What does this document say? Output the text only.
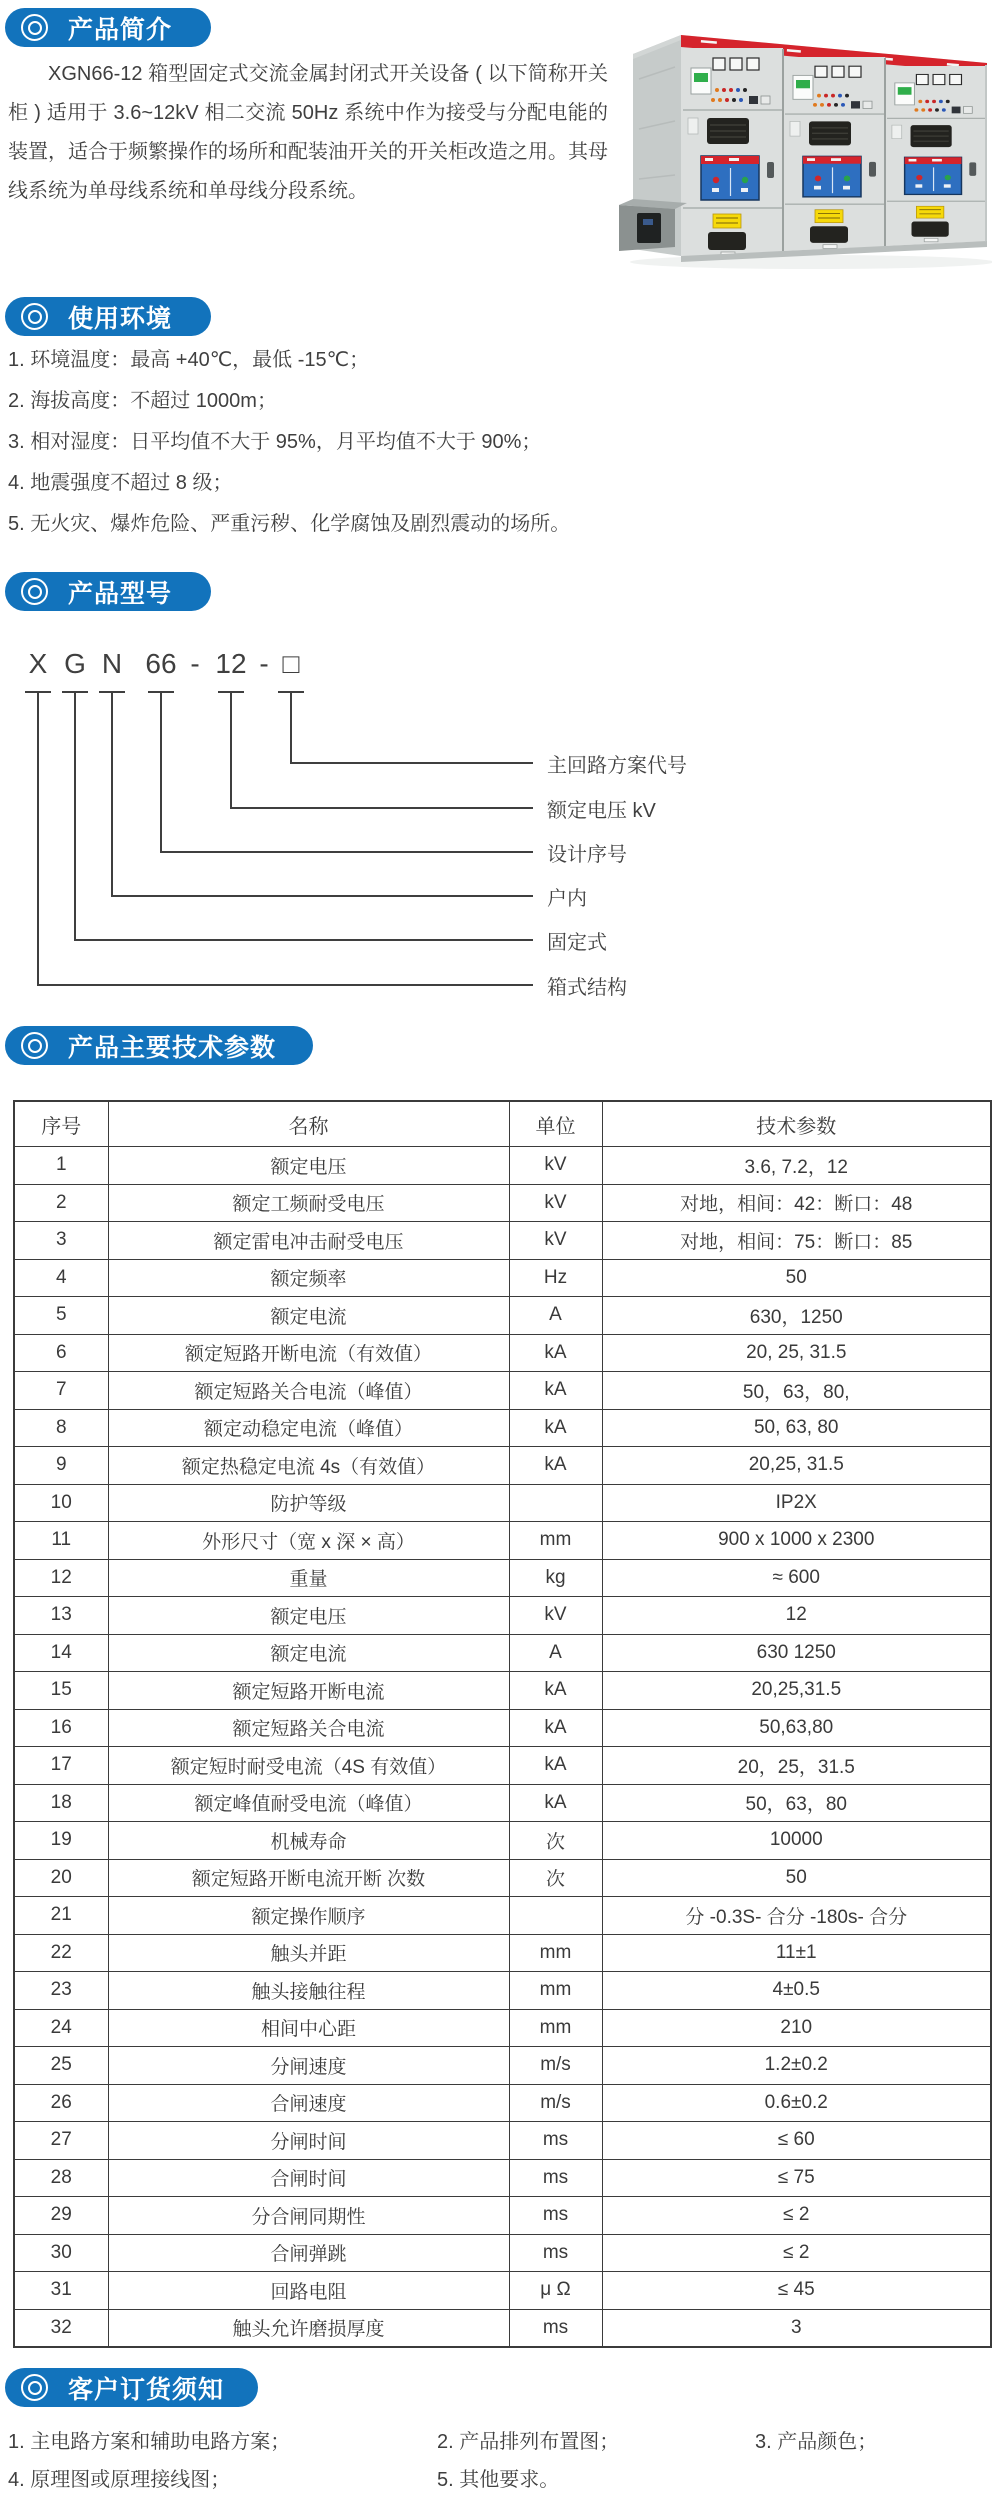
产品简介
XGN66-12 箱型固定式交流金属封闭式开关设备 ( 以下简称开关柜 ) 适用于 3.6~12kV 相二交流 50Hz 系统中作为接受与分配电能的装置，适合于频繁操作的场所和配装油开关的开关柜改造之用。其母线系统为单母线系统和单母线分段系统。
使用环境
1. 环境温度：最高 +40℃，最低 -15℃；
2. 海拔高度：不超过 1000m；
3. 相对湿度：日平均值不大于 95%，月平均值不大于 90%；
4. 地震强度不超过 8 级；
5. 无火灾、爆炸危险、严重污秽、化学腐蚀及剧烈震动的场所。
产品型号
X G N 66 - 12 - □
主回路方案代号
额定电压 kV
设计序号
户内
固定式
箱式结构
产品主要技术参数
序号	名称	单位	技术参数
1	额定电压	kV	3.6, 7.2，12
2	额定工频耐受电压	kV	对地，相间：42：断口：48
3	额定雷电冲击耐受电压	kV	对地，相间：75：断口：85
4	额定频率	Hz	50
5	额定电流	A	630，1250
6	额定短路开断电流（有效值）	kA	20, 25, 31.5
7	额定短路关合电流（峰值）	kA	50，63，80,
8	额定动稳定电流（峰值）	kA	50, 63, 80
9	额定热稳定电流 4s（有效值）	kA	20,25, 31.5
10	防护等级		IP2X
11	外形尺寸（宽 x 深 × 高）	mm	900 x 1000 x 2300
12	重量	kg	≈ 600
13	额定电压	kV	12
14	额定电流	A	630 1250
15	额定短路开断电流	kA	20,25,31.5
16	额定短路关合电流	kA	50,63,80
17	额定短时耐受电流（4S 有效值）	kA	20，25，31.5
18	额定峰值耐受电流（峰值）	kA	50，63，80
19	机械寿命	次	10000
20	额定短路开断电流开断 次数	次	50
21	额定操作顺序		分 -0.3S- 合分 -180s- 合分
22	触头并距	mm	11±1
23	触头接触往程	mm	4±0.5
24	相间中心距	mm	210
25	分闸速度	m/s	1.2±0.2
26	合闸速度	m/s	0.6±0.2
27	分闸时间	ms	≤ 60
28	合闸时间	ms	≤ 75
29	分合闸同期性	ms	≤ 2
30	合闸弹跳	ms	≤ 2
31	回路电阻	μ Ω	≤ 45
32	触头允许磨损厚度	ms	3
客户订货须知
1. 主电路方案和辅助电路方案；	2. 产品排列布置图；	3. 产品颜色；
4. 原理图或原理接线图；	5. 其他要求。
